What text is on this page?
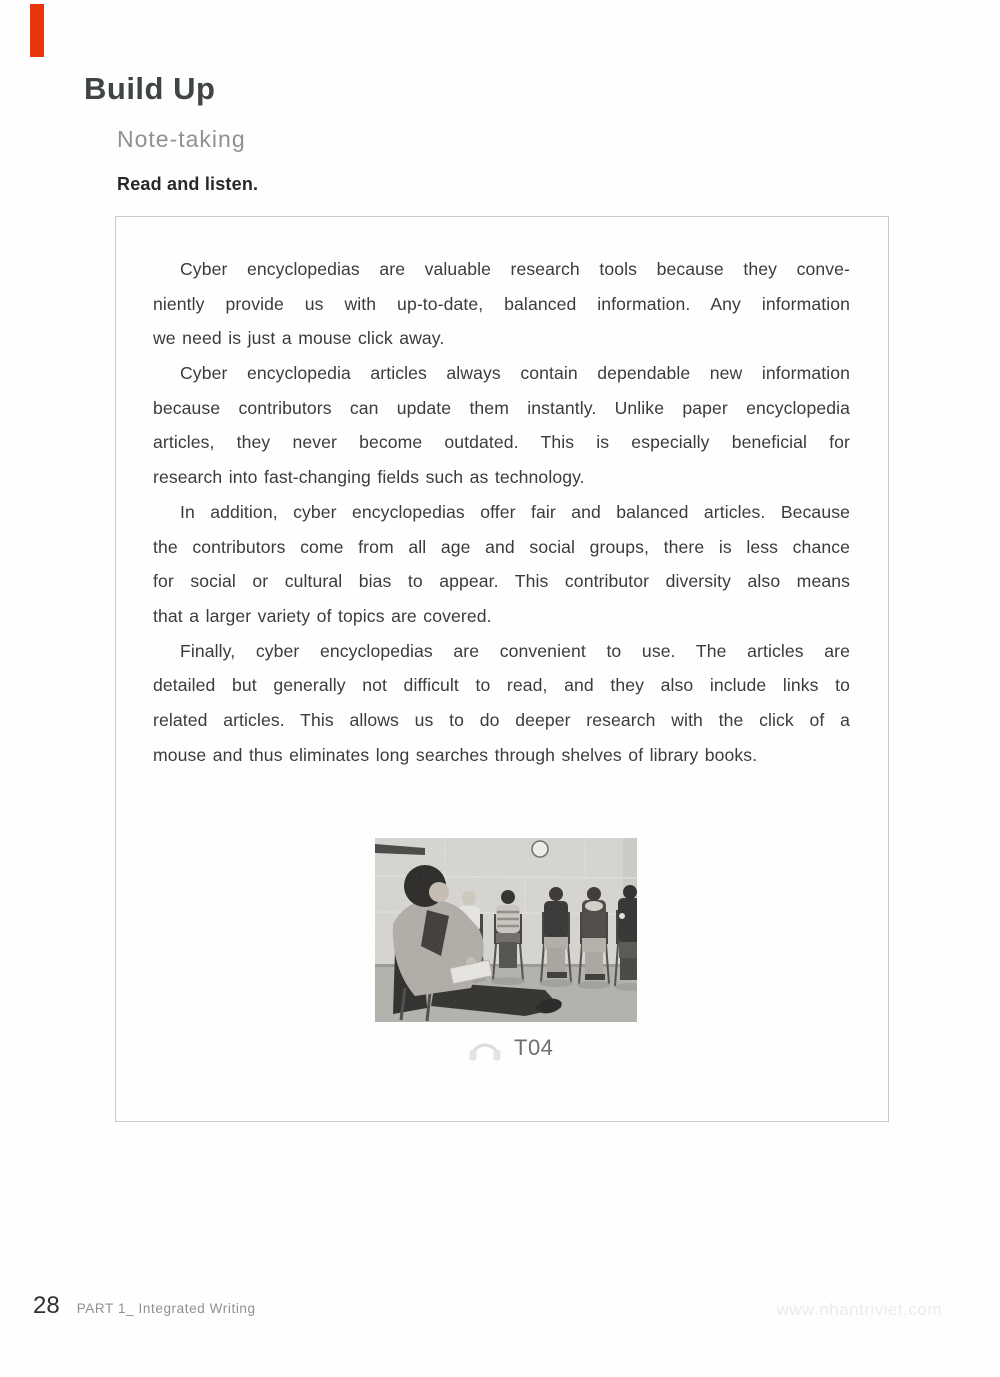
Build Up
Note-taking
Read and listen.

Cyber encyclopedias are valuable research tools because they conve-
niently provide us with up-to-date, balanced information. Any information
we need is just a mouse click away.

Cyber encyclopedia articles always contain dependable new information
because contributors can update them instantly. Unlike paper encyclopedia
articles, they never become outdated. This is especially beneficial for
research into fast-changing fields such as technology.

In addition, cyber encyclopedias offer fair and balanced articles. Because
the contributors come from all age and social groups, there is less chance
for social or cultural bias to appear. This contributor diversity also means
that a larger variety of topics are covered.

Finally, cyber encyclopedias are convenient to use. The articles are
detailed but generally not difficult to read, and they also include links to
related articles. This allows us to do deeper research with the click of a
mouse and thus eliminates long searches through shelves of library books.

T04
28 PART 1_ Integrated Writing	www.nhantriviet.com
